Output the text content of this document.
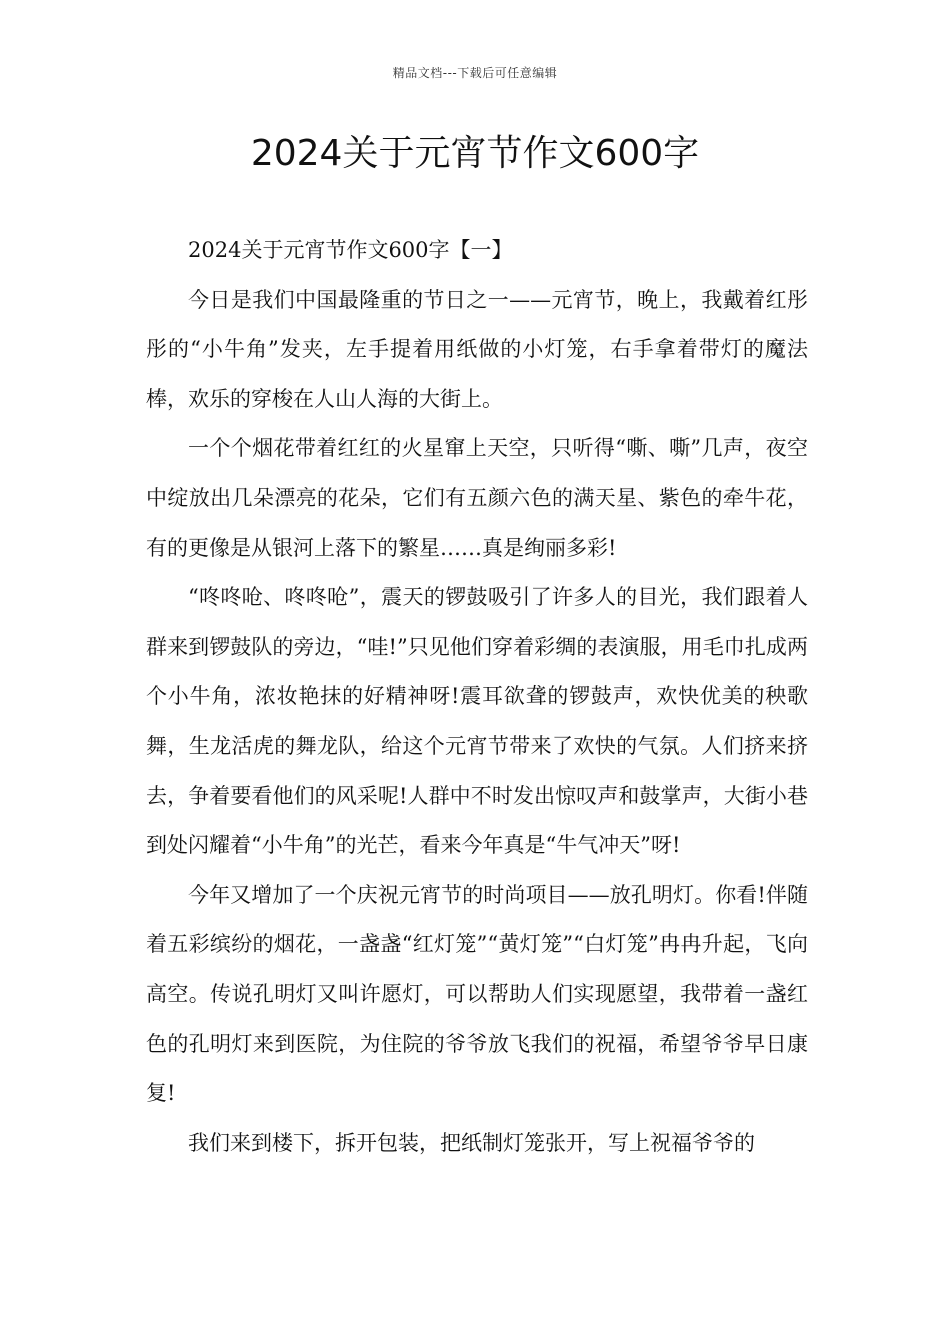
精品文档---下载后可任意编辑
2024关于元宵节作文600字

2024关于元宵节作文600字【一】

今日是我们中国最隆重的节日之一——元宵节，晚上，我戴着红彤彤的“小牛角”发夹，左手提着用纸做的小灯笼，右手拿着带灯的魔法棒，欢乐的穿梭在人山人海的大街上。

一个个烟花带着红红的火星窜上天空，只听得“嘶、嘶”几声，夜空中绽放出几朵漂亮的花朵，它们有五颜六色的满天星、紫色的牵牛花，有的更像是从银河上落下的繁星……真是绚丽多彩!

“咚咚呛、咚咚呛”，震天的锣鼓吸引了许多人的目光，我们跟着人群来到锣鼓队的旁边，“哇!”只见他们穿着彩绸的表演服，用毛巾扎成两个小牛角，浓妆艳抹的好精神呀!震耳欲聋的锣鼓声，欢快优美的秧歌舞，生龙活虎的舞龙队，给这个元宵节带来了欢快的气氛。人们挤来挤去，争着要看他们的风采呢!人群中不时发出惊叹声和鼓掌声，大街小巷到处闪耀着“小牛角”的光芒，看来今年真是“牛气冲天”呀!

今年又增加了一个庆祝元宵节的时尚项目——放孔明灯。你看!伴随着五彩缤纷的烟花，一盏盏“红灯笼”“黄灯笼”“白灯笼”冉冉升起，飞向高空。传说孔明灯又叫许愿灯，可以帮助人们实现愿望，我带着一盏红色的孔明灯来到医院，为住院的爷爷放飞我们的祝福，希望爷爷早日康复!

我们来到楼下，拆开包装，把纸制灯笼张开，写上祝福爷爷的
